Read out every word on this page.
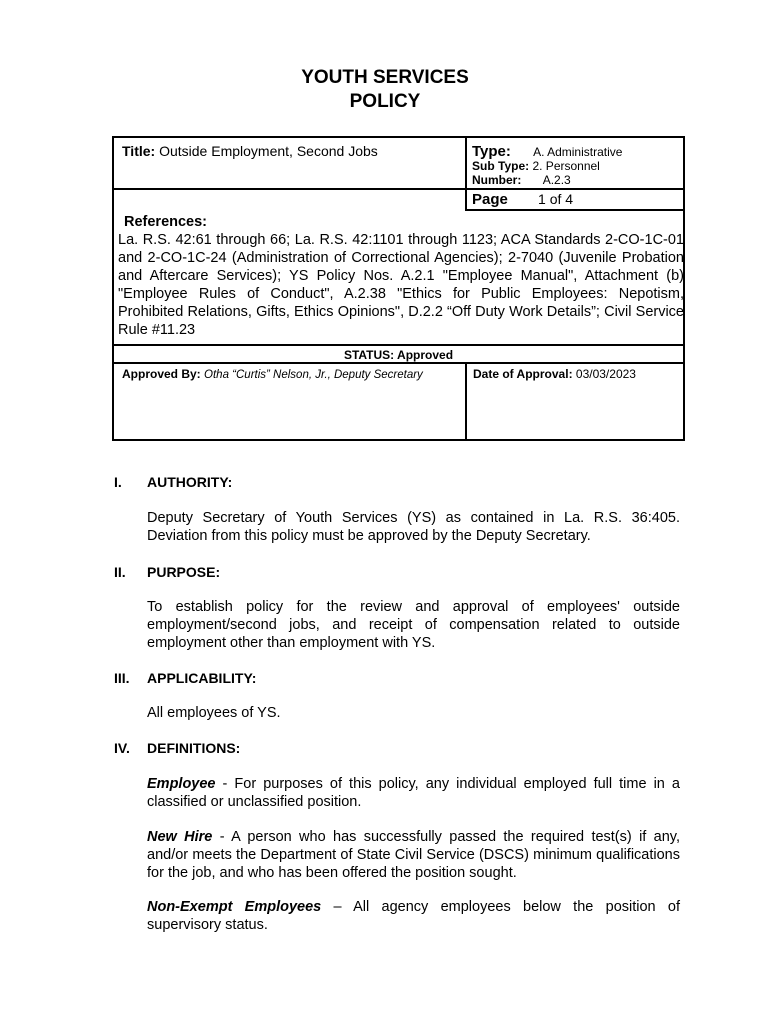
YOUTH SERVICES
POLICY
Title: Outside Employment, Second Jobs	Type: A. Administrative
Sub Type: 2. Personnel
Number: A.2.3
Page 1 of 4
References:
La. R.S. 42:61 through 66; La. R.S. 42:1101 through 1123; ACA Standards 2-CO-1C-01 and 2-CO-1C-24 (Administration of Correctional Agencies); 2-7040 (Juvenile Probation and Aftercare Services); YS Policy Nos. A.2.1 "Employee Manual", Attachment (b) "Employee Rules of Conduct", A.2.38 "Ethics for Public Employees: Nepotism, Prohibited Relations, Gifts, Ethics Opinions", D.2.2 “Off Duty Work Details”; Civil Service Rule #11.23
STATUS: Approved
Approved By: Otha “Curtis” Nelson, Jr., Deputy Secretary	Date of Approval: 03/03/2023
I. AUTHORITY:
Deputy Secretary of Youth Services (YS) as contained in La. R.S. 36:405. Deviation from this policy must be approved by the Deputy Secretary.
II. PURPOSE:
To establish policy for the review and approval of employees' outside employment/second jobs, and receipt of compensation related to outside employment other than employment with YS.
III. APPLICABILITY:
All employees of YS.
IV. DEFINITIONS:
Employee - For purposes of this policy, any individual employed full time in a classified or unclassified position.
New Hire - A person who has successfully passed the required test(s) if any, and/or meets the Department of State Civil Service (DSCS) minimum qualifications for the job, and who has been offered the position sought.
Non-Exempt Employees – All agency employees below the position of supervisory status.
